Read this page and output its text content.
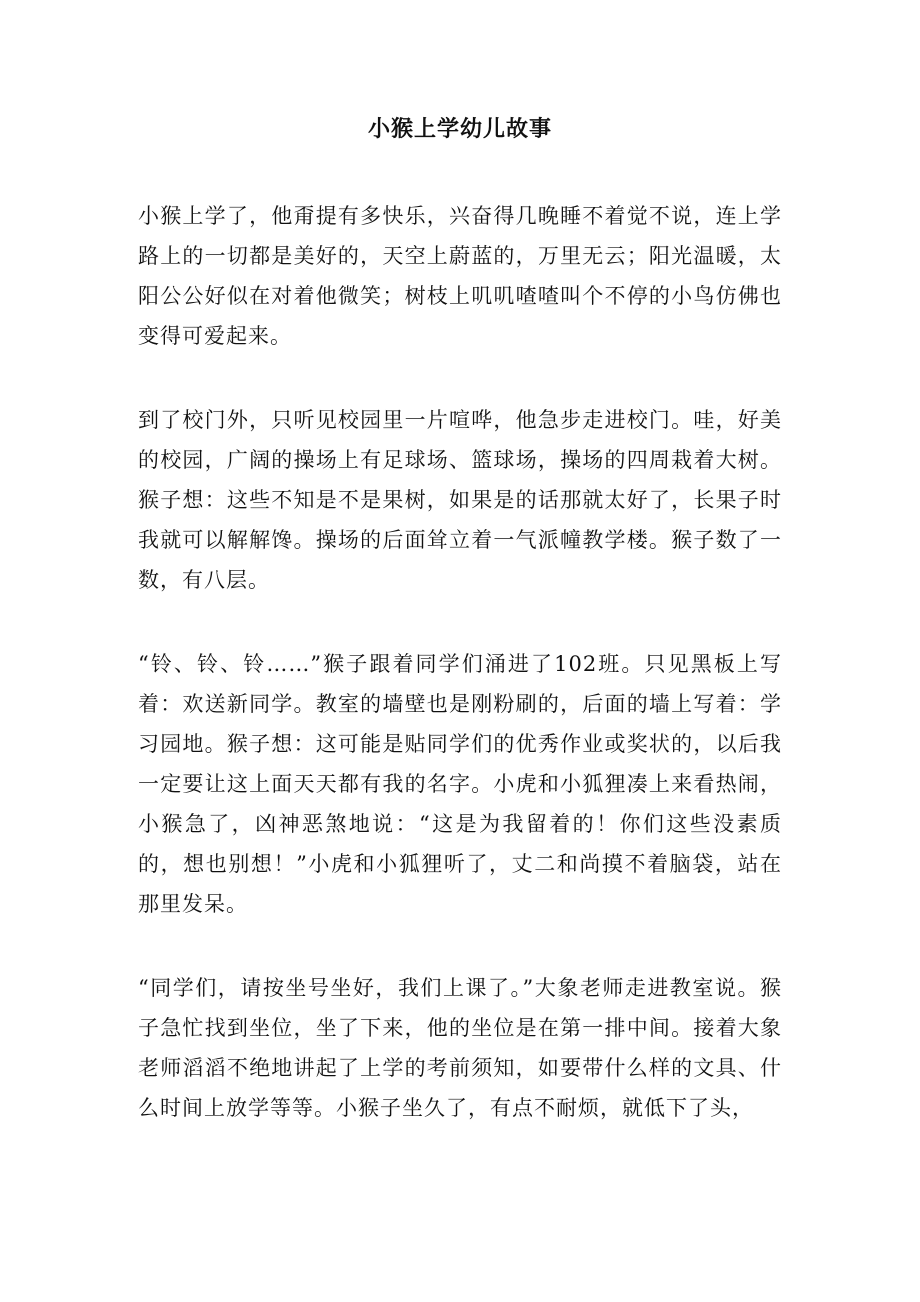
小猴上学幼儿故事

小猴上学了，他甭提有多快乐，兴奋得几晚睡不着觉不说，连上学路上的一切都是美好的，天空上蔚蓝的，万里无云；阳光温暖，太阳公公好似在对着他微笑；树枝上叽叽喳喳叫个不停的小鸟仿佛也变得可爱起来。

到了校门外，只听见校园里一片喧哗，他急步走进校门。哇，好美的校园，广阔的操场上有足球场、篮球场，操场的四周栽着大树。猴子想：这些不知是不是果树，如果是的话那就太好了，长果子时我就可以解解馋。操场的后面耸立着一气派幢教学楼。猴子数了一数，有八层。

“铃、铃、铃……”猴子跟着同学们涌进了102班。只见黑板上写着：欢送新同学。教室的墙壁也是刚粉刷的，后面的墙上写着：学习园地。猴子想：这可能是贴同学们的优秀作业或奖状的，以后我一定要让这上面天天都有我的名字。小虎和小狐狸凑上来看热闹，小猴急了，凶神恶煞地说：“这是为我留着的！你们这些没素质的，想也别想！”小虎和小狐狸听了，丈二和尚摸不着脑袋，站在那里发呆。

“同学们，请按坐号坐好，我们上课了。”大象老师走进教室说。猴子急忙找到坐位，坐了下来，他的坐位是在第一排中间。接着大象老师滔滔不绝地讲起了上学的考前须知，如要带什么样的文具、什么时间上放学等等。小猴子坐久了，有点不耐烦，就低下了头，
